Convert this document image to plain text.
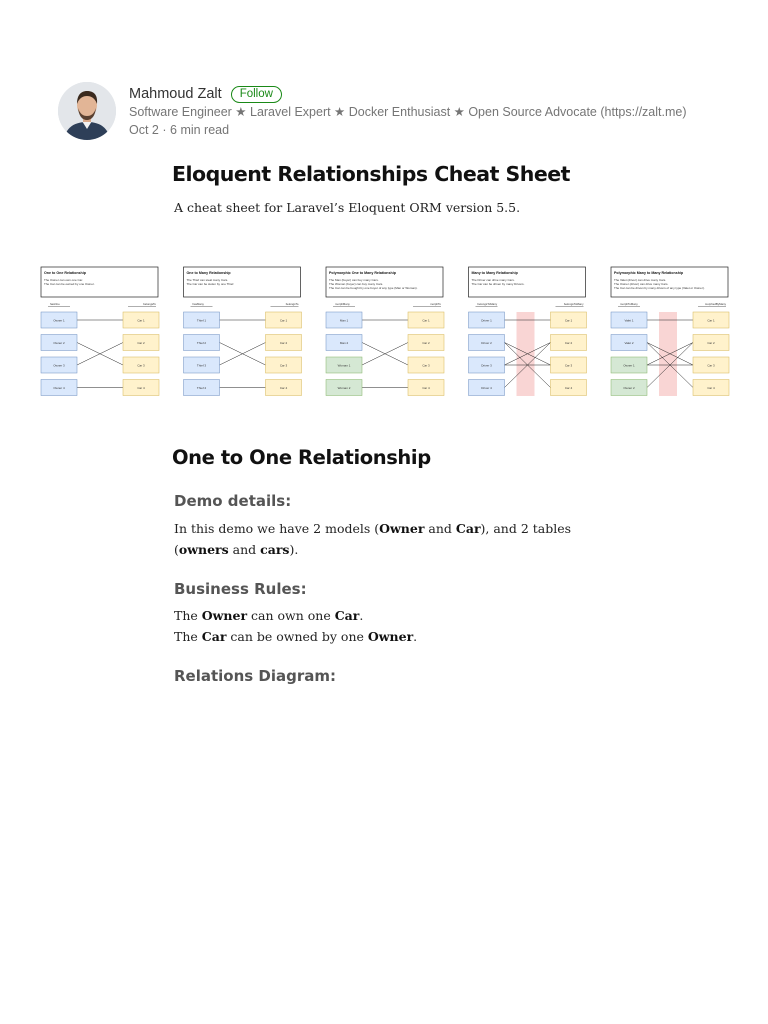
Mahmoud Zalt	Follow
Software Engineer ★ Laravel Expert ★ Docker Enthusiast ★ Open Source Advocate (https://zalt.me)
Oct 2 · 6 min read
Eloquent Relationships Cheat Sheet

A cheat sheet for Laravel’s Eloquent ORM version 5.5.

One to One Relationship
The Owner can own one Car.
The Car can be owned by one Owner.
hasOne	belongsTo
Owner 1
Owner 2
Owner 3
Owner 4
Car 1
Car 2
Car 3
Car 4
One to Many Relationship
The Thief can steal many Cars.
The Car can be stolen by one Thief.
hasMany	belongsTo
Thief 1
Thief 2
Thief 3
Thief 4
Car 1
Car 2
Car 3
Car 4
Polymorphic One to Many Relationship
The Man (buyer) can buy many Cars.
The Woman (buyer) can buy many Cars.
The Car can be bought by one buyer of any type (Man or Woman).
morphMany	morphTo
Man 1
Man 2
Woman 1
Woman 2
Car 1
Car 2
Car 3
Car 4
Many to Many Relationship
The Driver can drive many Cars.
The Car can be driven by many Drivers.
belongsToMany	belongsToMany
Driver 1
Driver 2
Driver 3
Driver 4
Car 1
Car 2
Car 3
Car 4
Polymorphic Many to Many Relationship
The Valet (driver) can drive many Cars.
The Owner (driver) can drive many Cars.
The Car can be driven by many drivers of any type (Valet or Owner).
morphToMany	morphedByMany
Valet 1
Valet 2
Owner 1
Owner 2
Car 1
Car 2
Car 3
Car 4
One to One Relationship
Demo details:

In this demo we have 2 models (Owner and Car), and 2 tables
(owners and cars).

Business Rules:

The Owner can own one Car.
The Car can be owned by one Owner.

Relations Diagram:
